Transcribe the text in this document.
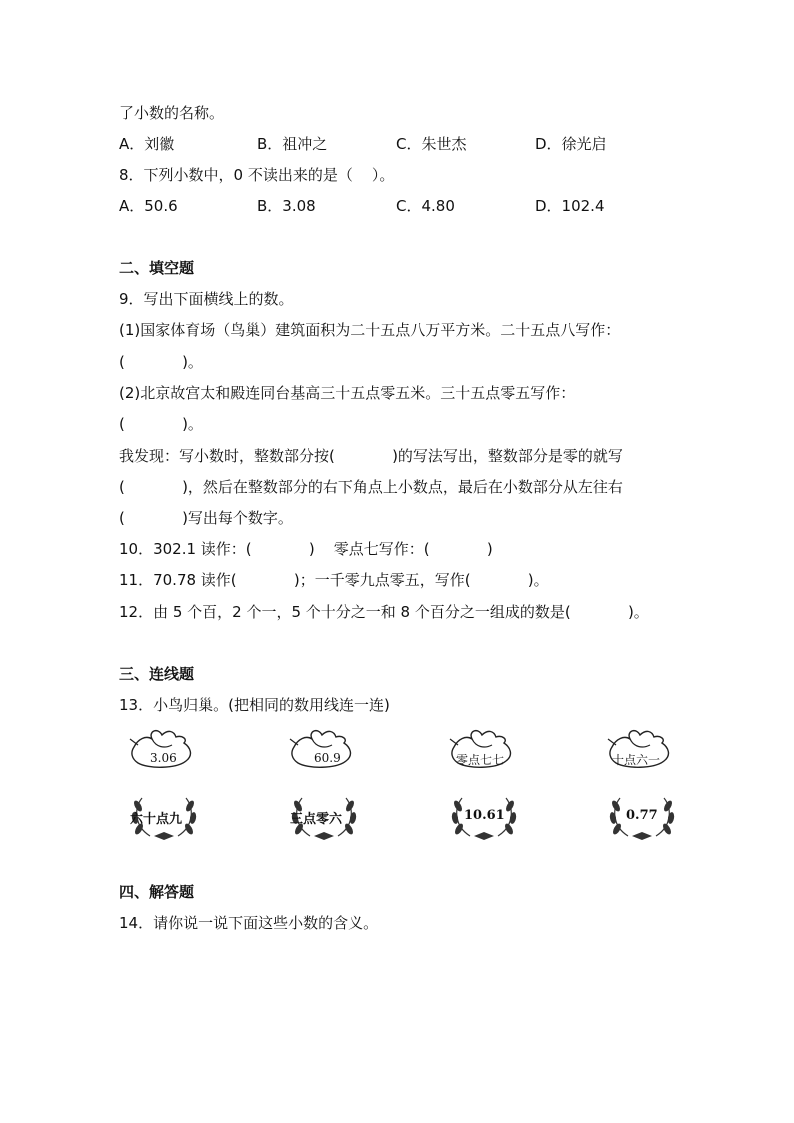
了小数的名称。
A．刘徽	B．祖冲之	C．朱世杰	D．徐光启
8．下列小数中，0 不读出来的是（    ）。
A．50.6	B．3.08	C．4.80	D．102.4
二、填空题
9．写出下面横线上的数。
(1)国家体育场（鸟巢）建筑面积为二十五点八万平方米。二十五点八写作：
(            )。
(2)北京故宫太和殿连同台基高三十五点零五米。三十五点零五写作：
(            )。
我发现：写小数时，整数部分按(            )的写法写出，整数部分是零的就写
(            )，然后在整数部分的右下角点上小数点，最后在小数部分从左往右
(            )写出每个数字。
10．302.1 读作：(            )    零点七写作：(            )
11．70.78 读作(            )；一千零九点零五，写作(            )。
12．由 5 个百，2 个一，5 个十分之一和 8 个百分之一组成的数是(            )。
三、连线题
13．小鸟归巢。(把相同的数用线连一连)
3.06	60.9	零点七七	十点六一
六十点九	三点零六	10.61	0.77
四、解答题
14．请你说一说下面这些小数的含义。
